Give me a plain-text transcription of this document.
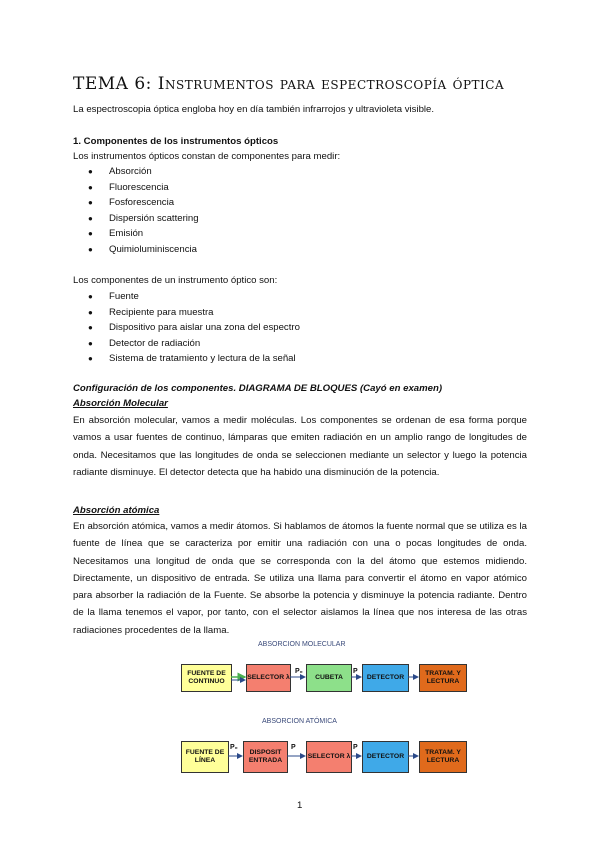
TEMA 6: Instrumentos para espectroscopía óptica
La espectroscopia óptica engloba hoy en día también infrarrojos y ultravioleta visible.
1. Componentes de los instrumentos ópticos
Los instrumentos ópticos constan de componentes para medir:
● Absorción
● Fluorescencia
● Fosforescencia
● Dispersión scattering
● Emisión
● Quimioluminiscencia
Los componentes de un instrumento óptico son:
● Fuente
● Recipiente para muestra
● Dispositivo para aislar una zona del espectro
● Detector de radiación
● Sistema de tratamiento y lectura de la señal
Configuración de los componentes. DIAGRAMA DE BLOQUES (Cayó en examen)
Absorción Molecular
En absorción molecular, vamos a medir moléculas. Los componentes se ordenan de esa forma porque vamos a usar fuentes de continuo, lámparas que emiten radiación en un amplio rango de longitudes de onda. Necesitamos que las longitudes de onda se seleccionen mediante un selector y luego la potencia radiante disminuye. El detector detecta que ha habido una disminución de la potencia.
Absorción atómica
En absorción atómica, vamos a medir átomos. Si hablamos de átomos la fuente normal que se utiliza es la fuente de línea que se caracteriza por emitir una radiación con una o pocas longitudes de onda. Necesitamos una longitud de onda que se corresponda con la del átomo que estemos midiendo. Directamente, un dispositivo de entrada. Se utiliza una llama para convertir el átomo en vapor atómico para absorber la radiación de la Fuente. Se absorbe la potencia y disminuye la potencia radiante. Dentro de la llama tenemos el vapor, por tanto, con el selector aislamos la línea que nos interesa de las otras radiaciones procedentes de la llama.
ABSORCION MOLECULAR
FUENTE DE CONTINUO
SELECTOR λ	CUBETA	DETECTOR
TRATAM. Y LECTURA
P₀	P
ABSORCION ATÓMICA
FUENTE DE LÍNEA
DISPOSIT ENTRADA
SELECTOR λ	DETECTOR
TRATAM. Y LECTURA
P₀	P	P
1
